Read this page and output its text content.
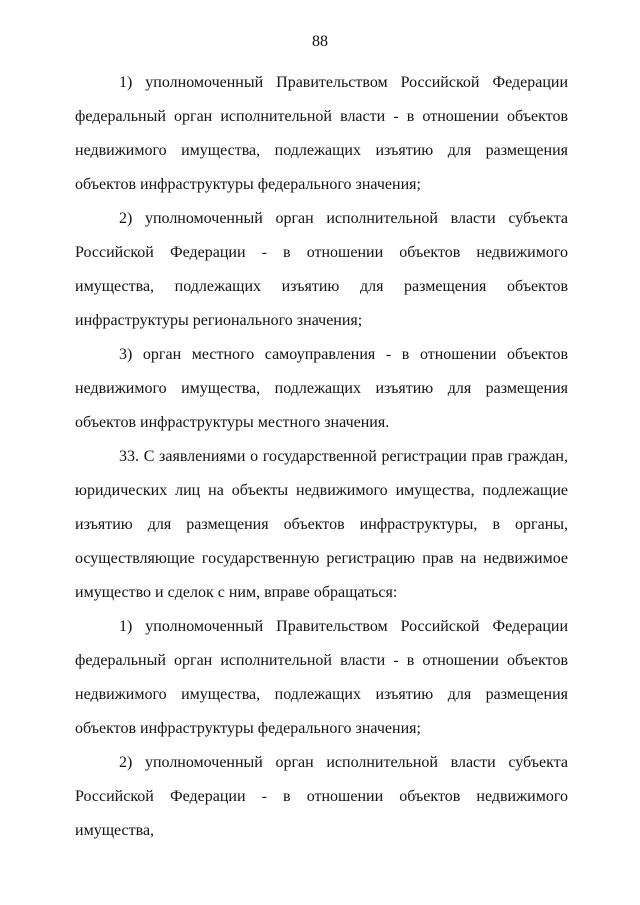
88

1) уполномоченный Правительством Российской Федерации федеральный орган исполнительной власти - в отношении объектов недвижимого имущества, подлежащих изъятию для размещения объектов инфраструктуры федерального значения;

2) уполномоченный орган исполнительной власти субъекта Российской Федерации - в отношении объектов недвижимого имущества, подлежащих изъятию для размещения объектов инфраструктуры регионального значения;

3) орган местного самоуправления - в отношении объектов недвижимого имущества, подлежащих изъятию для размещения объектов инфраструктуры местного значения.

33. С заявлениями о государственной регистрации прав граждан, юридических лиц на объекты недвижимого имущества, подлежащие изъятию для размещения объектов инфраструктуры, в органы, осуществляющие государственную регистрацию прав на недвижимое имущество и сделок с ним, вправе обращаться:

1) уполномоченный Правительством Российской Федерации федеральный орган исполнительной власти - в отношении объектов недвижимого имущества, подлежащих изъятию для размещения объектов инфраструктуры федерального значения;

2) уполномоченный орган исполнительной власти субъекта Российской Федерации - в отношении объектов недвижимого имущества,
